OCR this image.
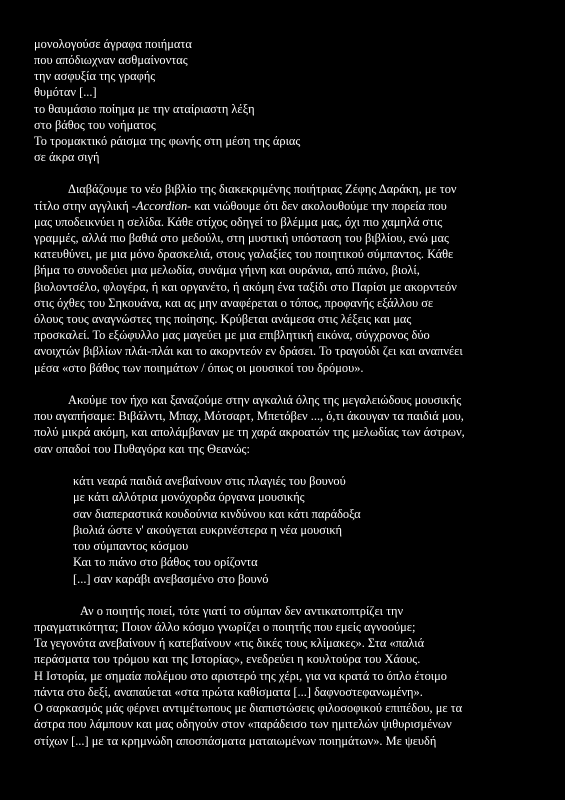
μονολογούσε άγραφα ποιήματα
που απόδιωχναν ασθμαίνοντας
την ασφυξία της γραφής
θυμόταν [...]
το θαυμάσιο ποίημα με την αταίριαστη λέξη
στο βάθος του νοήματος
Το τρομακτικό ράισμα της φωνής στη μέση της άριας
σε άκρα σιγή
Διαβάζουμε το νέο βιβλίο της διακεκριμένης ποιήτριας Ζέφης Δαράκη, με τον
τίτλο στην αγγλική -Accordion- και νιώθουμε ότι δεν ακολουθούμε την πορεία που
μας υποδεικνύει η σελίδα. Κάθε στίχος οδηγεί το βλέμμα μας, όχι πιο χαμηλά στις
γραμμές, αλλά πιο βαθιά στο μεδούλι, στη μυστική υπόσταση του βιβλίου, ενώ μας
κατευθύνει, με μια μόνο δρασκελιά, στους γαλαξίες του ποιητικού σύμπαντος. Κάθε
βήμα το συνοδεύει μια μελωδία, συνάμα γήινη και ουράνια, από πιάνο, βιολί,
βιολοντσέλο, φλογέρα, ή και οργανέτο, ή ακόμη ένα ταξίδι στο Παρίσι με ακορντεόν
στις όχθες του Σηκουάνα, και ας μην αναφέρεται ο τόπος, προφανής εξάλλου σε
όλους τους αναγνώστες της ποίησης. Κρύβεται ανάμεσα στις λέξεις και μας
προσκαλεί. Το εξώφυλλο μας μαγεύει με μια επιβλητική εικόνα, σύγχρονος δύο
ανοιχτών βιβλίων πλάι-πλάι και το ακορντεόν εν δράσει. Το τραγούδι ζει και αναπνέει
μέσα «στο βάθος των ποιημάτων / όπως οι μουσικοί του δρόμου».
Ακούμε τον ήχο και ξαναζούμε στην αγκαλιά όλης της μεγαλειώδους μουσικής
που αγαπήσαμε: Βιβάλντι, Μπαχ, Μότσαρτ, Μπετόβεν ..., ό,τι άκουγαν τα παιδιά μου,
πολύ μικρά ακόμη, και απολάμβαναν με τη χαρά ακροατών της μελωδίας των άστρων,
σαν οπαδοί του Πυθαγόρα και της Θεανώς:
κάτι νεαρά παιδιά ανεβαίνουν στις πλαγιές του βουνού
με κάτι αλλότρια μονόχορδα όργανα μουσικής
σαν διαπεραστικά κουδούνια κινδύνου και κάτι παράδοξα
βιολιά ώστε ν' ακούγεται ευκρινέστερα η νέα μουσική
του σύμπαντος κόσμου
Και το πιάνο στο βάθος του ορίζοντα
[...] σαν καράβι ανεβασμένο στο βουνό
Αν ο ποιητής ποιεί, τότε γιατί το σύμπαν δεν αντικατοπτρίζει την
πραγματικότητα; Ποιον άλλο κόσμο γνωρίζει ο ποιητής που εμείς αγνοούμε;
Τα γεγονότα ανεβαίνουν ή κατεβαίνουν «τις δικές τους κλίμακες». Στα «παλιά
περάσματα του τρόμου και της Ιστορίας», ενεδρεύει η κουλτούρα του Χάους.
Η Ιστορία, με σημαία πολέμου στο αριστερό της χέρι, για να κρατά το όπλο έτοιμο
πάντα στο δεξί, αναπαύεται «στα πρώτα καθίσματα [...] δαφνοστεφανωμένη».
Ο σαρκασμός μάς φέρνει αντιμέτωπους με διαπιστώσεις φιλοσοφικού επιπέδου, με τα
άστρα που λάμπουν και μας οδηγούν στον «παράδεισο των ημιτελών ψιθυρισμένων
στίχων [...] με τα κρημνώδη αποσπάσματα ματαιωμένων ποιημάτων». Με ψευδή
